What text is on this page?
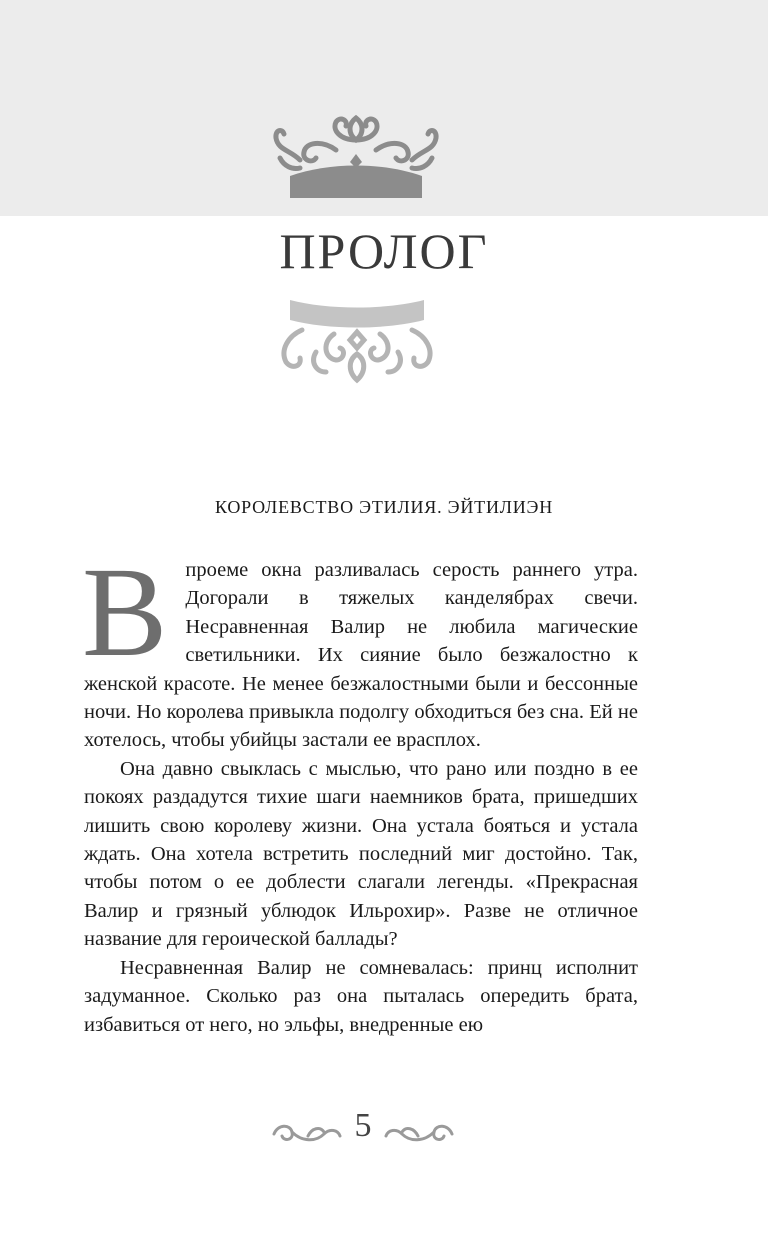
ПРОЛОГ
КОРОЛЕВСТВО ЭТИЛИЯ. ЭЙТИЛИЭН

Впроеме окна разливалась серость раннего утра. Догорали в тяжелых канделябрах свечи. Несравненная Валир не любила магические светильники. Их сияние было безжалостно к женской красоте. Не менее безжалостными были и бессонные ночи. Но королева привыкла подолгу обходиться без сна. Ей не хотелось, чтобы убийцы застали ее врасплох.

Она давно свыклась с мыслью, что рано или поздно в ее покоях раздадутся тихие шаги наемников брата, пришедших лишить свою королеву жизни. Она устала бояться и устала ждать. Она хотела встретить последний миг достойно. Так, чтобы потом о ее доблести слагали легенды. «Прекрасная Валир и грязный ублюдок Ильрохир». Разве не отличное название для героической баллады?

Несравненная Валир не сомневалась: принц исполнит задуманное. Сколько раз она пыталась опередить брата, избавиться от него, но эльфы, внедренные ею

5
